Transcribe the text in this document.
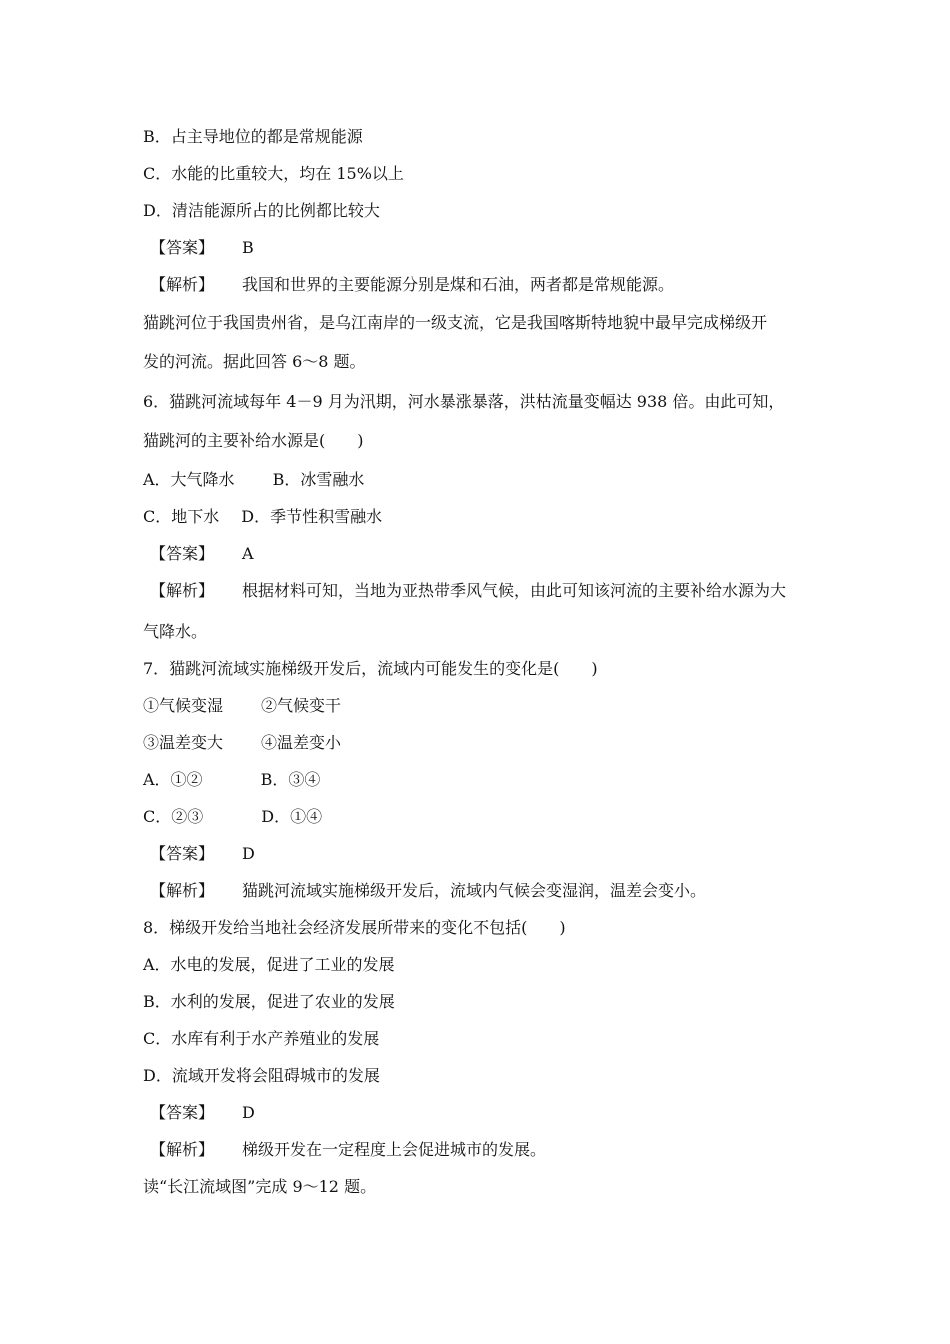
B．占主导地位的都是常规能源
C．水能的比重较大，均在 15%以上
D．清洁能源所占的比例都比较大
【答案】 B
【解析】 我国和世界的主要能源分别是煤和石油，两者都是常规能源。
猫跳河位于我国贵州省，是乌江南岸的一级支流，它是我国喀斯特地貌中最早完成梯级开
发的河流。据此回答 6～8 题。
6．猫跳河流域每年 4－9 月为汛期，河水暴涨暴落，洪枯流量变幅达 938 倍。由此可知，
猫跳河的主要补给水源是(　　)
A．大气降水 B．冰雪融水
C．地下水 D．季节性积雪融水
【答案】 A
【解析】 根据材料可知，当地为亚热带季风气候，由此可知该河流的主要补给水源为大
气降水。
7．猫跳河流域实施梯级开发后，流域内可能发生的变化是(　　)
①气候变湿 ②气候变干
③温差变大 ④温差变小
A．①②	B．③④
C．②③	D．①④
【答案】 D
【解析】 猫跳河流域实施梯级开发后，流域内气候会变湿润，温差会变小。
8．梯级开发给当地社会经济发展所带来的变化不包括(　　)
A．水电的发展，促进了工业的发展
B．水利的发展，促进了农业的发展
C．水库有利于水产养殖业的发展
D．流域开发将会阻碍城市的发展
【答案】 D
【解析】 梯级开发在一定程度上会促进城市的发展。
读“长江流域图”完成 9～12 题。
